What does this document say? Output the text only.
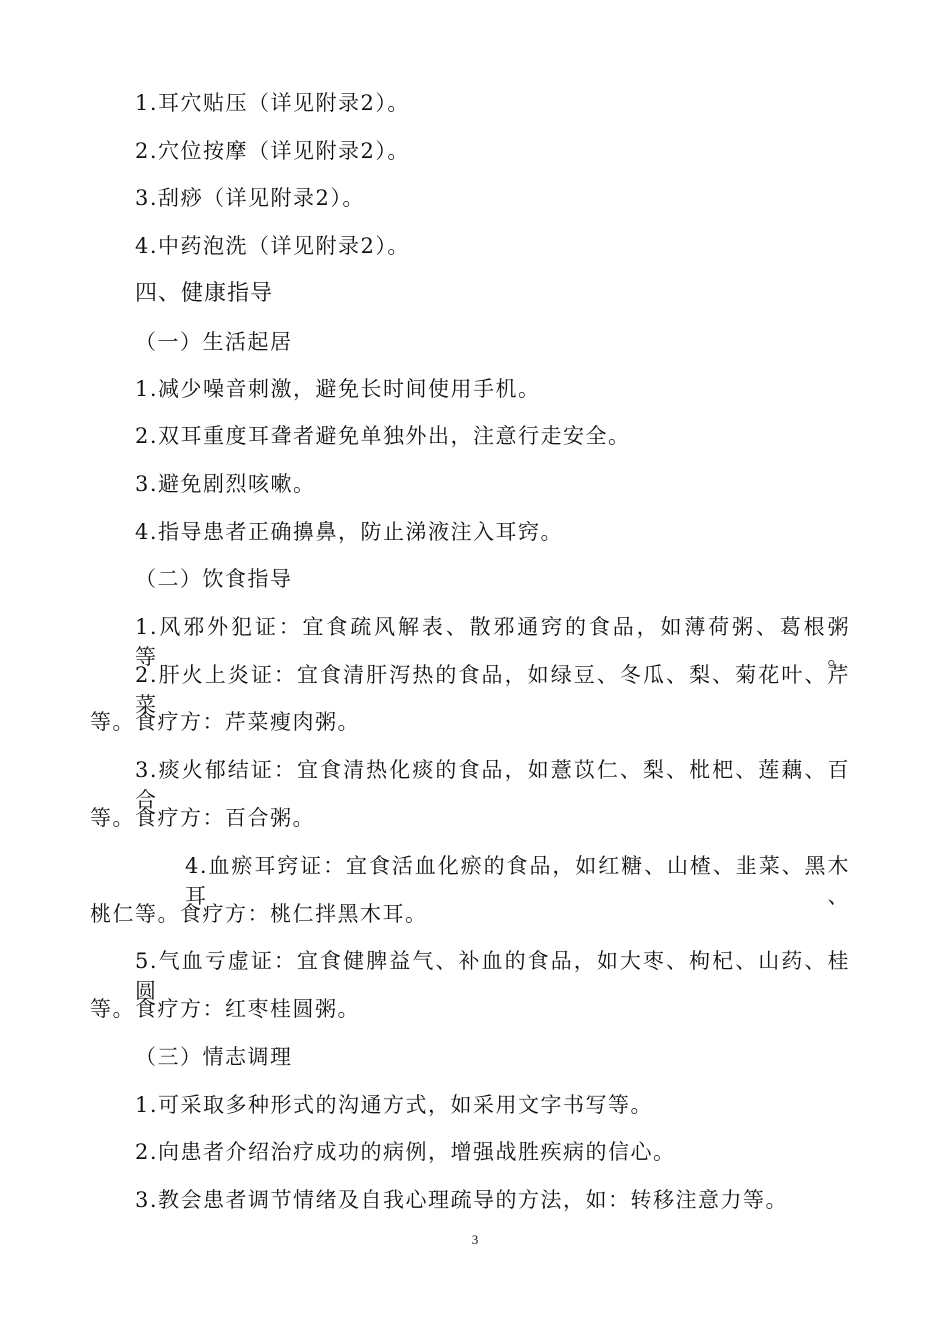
1.耳穴贴压（详见附录2）。
2.穴位按摩（详见附录2）。
3.刮痧（详见附录2）。
4.中药泡洗（详见附录2）。
四、健康指导
（一）生活起居
1.减少噪音刺激，避免长时间使用手机。
2.双耳重度耳聋者避免单独外出，注意行走安全。
3.避免剧烈咳嗽。
4.指导患者正确擤鼻，防止涕液注入耳窍。
（二）饮食指导
1.风邪外犯证：宜食疏风解表、散邪通窍的食品，如薄荷粥、葛根粥等。
2.肝火上炎证：宜食清肝泻热的食品，如绿豆、冬瓜、梨、菊花叶、芹菜
等。食疗方：芹菜瘦肉粥。
3.痰火郁结证：宜食清热化痰的食品，如薏苡仁、梨、枇杷、莲藕、百合
等。食疗方：百合粥。
4.血瘀耳窍证：宜食活血化瘀的食品，如红糖、山楂、韭菜、黑木耳、
桃仁等。食疗方：桃仁拌黑木耳。
5.气血亏虚证：宜食健脾益气、补血的食品，如大枣、枸杞、山药、桂圆
等。食疗方：红枣桂圆粥。
（三）情志调理
1.可采取多种形式的沟通方式，如采用文字书写等。
2.向患者介绍治疗成功的病例，增强战胜疾病的信心。
3.教会患者调节情绪及自我心理疏导的方法，如：转移注意力等。
3
